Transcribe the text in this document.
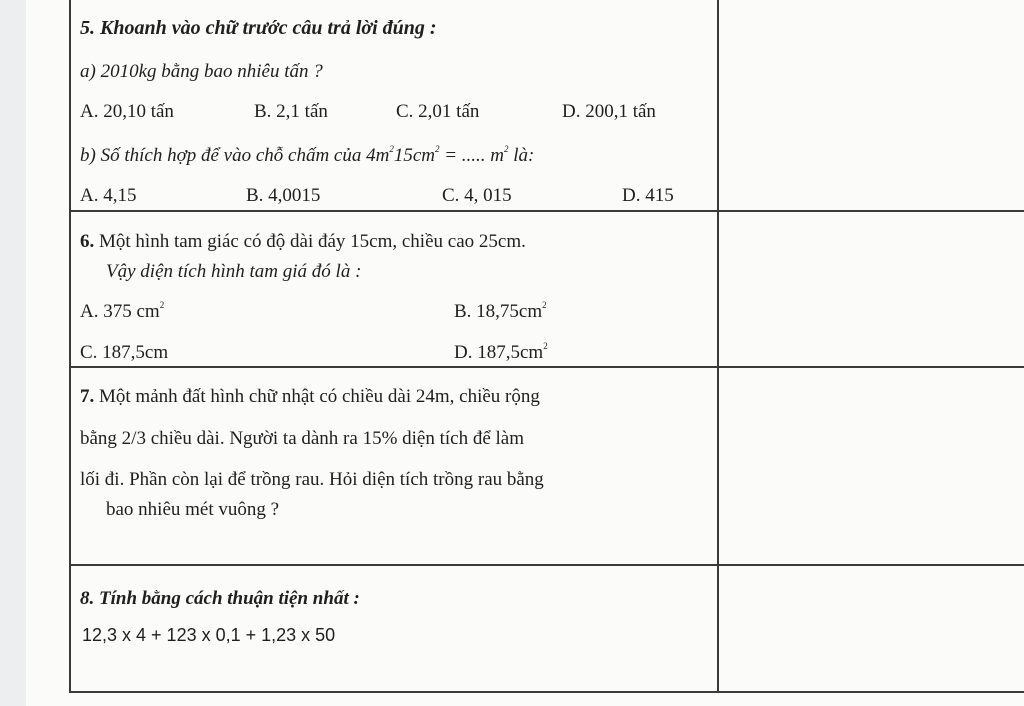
5. Khoanh vào chữ trước câu trả lời đúng :
a) 2010kg bằng bao nhiêu tấn ?
A. 20,10 tấn	B. 2,1 tấn	C. 2,01 tấn	D. 200,1 tấn
b) Số thích hợp để vào chỗ chấm của $4m^215cm^2$ = ..... $m^2$ là:
A. 4,15	B. 4,0015	C. 4, 015	D. 415
6. Một hình tam giác có độ dài đáy 15cm, chiều cao 25cm.
Vậy diện tích hình tam giá đó là :
A. 375 $cm^2$	B. $18,75cm^2$
C. 187,5cm	D. $187,5cm^2$
7. Một mảnh đất hình chữ nhật có chiều dài 24m, chiều rộng
bằng 2/3 chiều dài. Người ta dành ra 15% diện tích để làm
lối đi. Phần còn lại để trồng rau. Hỏi diện tích trồng rau bằng
bao nhiêu mét vuông ?
8. Tính bằng cách thuận tiện nhất :
12,3 x 4 + 123 x 0,1 + 1,23 x 50
